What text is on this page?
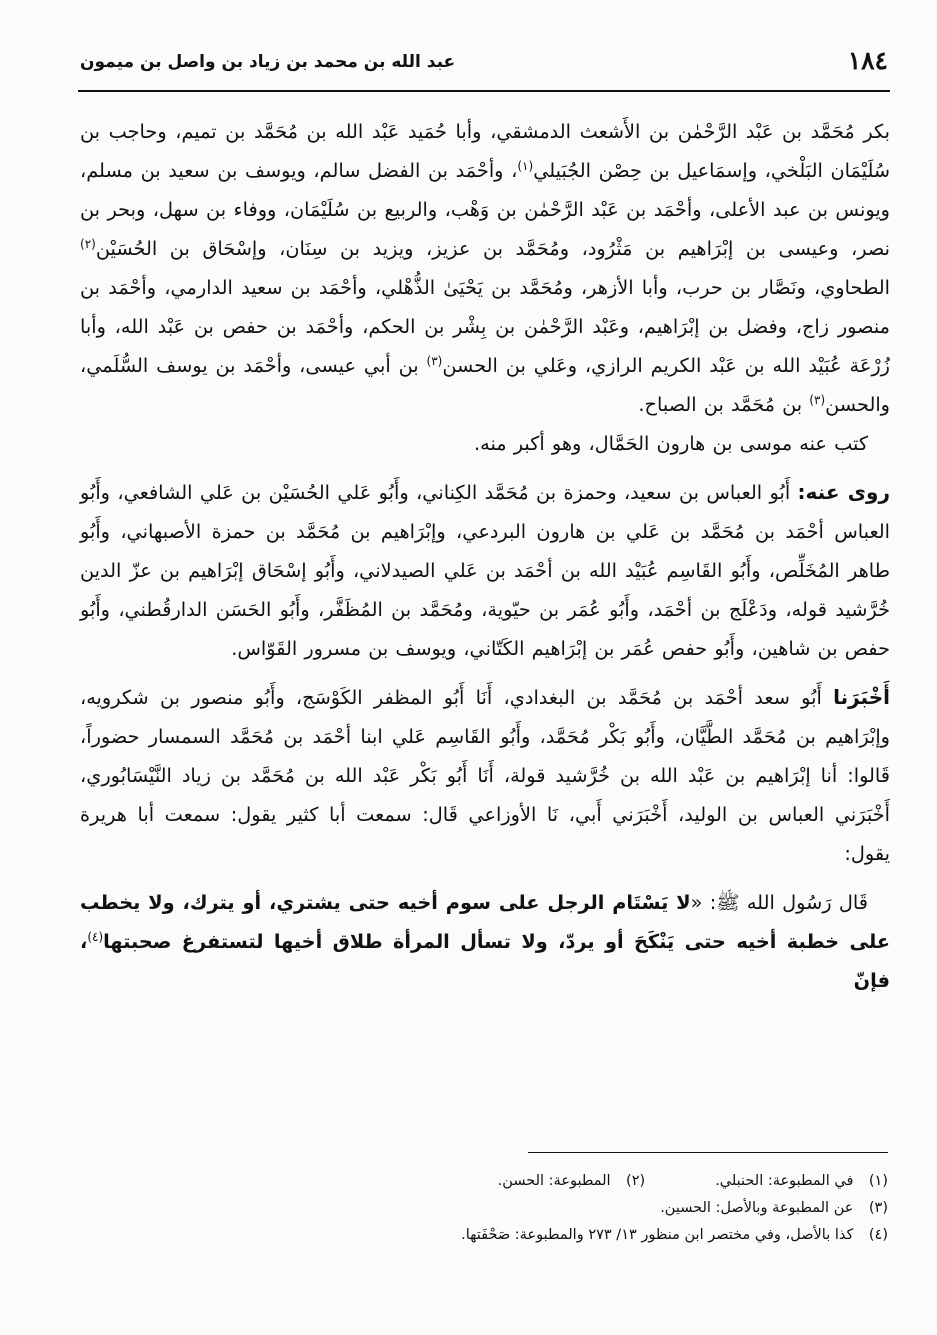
١٨٤
عبد الله بن محمد بن زياد بن واصل بن ميمون

بكر مُحَمَّد بن عَبْد الرَّحْمٰن بن الأَشعث الدمشقي، وأبا حُمَيد عَبْد الله بن مُحَمَّد بن تميم، وحاجب بن سُلَيْمَان البَلْخي، وإسمَاعيل بن حِصْن الجُبَيلي$^{(١)}$، وأحْمَد بن الفضل سالم، ويوسف بن سعيد بن مسلم، ويونس بن عبد الأعلى، وأحْمَد بن عَبْد الرَّحْمٰن بن وَهْب، والربيع بن سُلَيْمَان، ووفاء بن سهل، وبحر بن نصر، وعيسى بن إبْرَاهيم بن مَثْرُود، ومُحَمَّد بن عزيز، ويزيد بن سِنَان، وإسْحَاق بن الحُسَيْن$^{(٢)}$ الطحاوي، ونَصَّار بن حرب، وأبا الأزهر، ومُحَمَّد بن يَحْيَىٰ الذُّهْلي، وأحْمَد بن سعيد الدارمي، وأحْمَد بن منصور زاج، وفضل بن إبْرَاهيم، وعَبْد الرَّحْمٰن بن بِشْر بن الحكم، وأحْمَد بن حفص بن عَبْد الله، وأبا زُرْعَة عُبَيْد الله بن عَبْد الكريم الرازي، وعَلي بن الحسن$^{(٣)}$ بن أبي عيسى، وأحْمَد بن يوسف السُّلَمي، والحسن$^{(٣)}$ بن مُحَمَّد بن الصباح.

كتب عنه موسى بن هارون الحَمَّال، وهو أكبر منه.

روى عنه: أَبُو العباس بن سعيد، وحمزة بن مُحَمَّد الكِناني، وأَبُو عَلي الحُسَيْن بن عَلي الشافعي، وأَبُو العباس أحْمَد بن مُحَمَّد بن عَلي بن هارون البردعي، وإبْرَاهيم بن مُحَمَّد بن حمزة الأصبهاني، وأَبُو طاهر المُخَلِّص، وأَبُو القَاسِم عُبَيْد الله بن أحْمَد بن عَلي الصيدلاني، وأَبُو إسْحَاق إبْرَاهيم بن عزّ الدين خُرَّشيد قوله، ودَعْلَج بن أحْمَد، وأَبُو عُمَر بن حيّوية، ومُحَمَّد بن المُظَفَّر، وأَبُو الحَسَن الدارقُطني، وأَبُو حفص بن شاهين، وأَبُو حفص عُمَر بن إبْرَاهيم الكَتّاني، ويوسف بن مسرور القَوّاس.

أَخْبَرَنا أَبُو سعد أحْمَد بن مُحَمَّد بن البغدادي، أَنَا أَبُو المظفر الكَوْسَج، وأَبُو منصور بن شكرويه، وإبْرَاهيم بن مُحَمَّد الطَّيَّان، وأَبُو بَكْر مُحَمَّد، وأَبُو القَاسِم عَلي ابنا أحْمَد بن مُحَمَّد السمسار حضوراً، قَالوا: أنا إبْرَاهيم بن عَبْد الله بن خُرَّشيد قولة، أَنَا أَبُو بَكْر عَبْد الله بن مُحَمَّد بن زياد النَّيْسَابُوري، أَخْبَرَني العباس بن الوليد، أَخْبَرَني أَبي، نَا الأوزاعي قَال: سمعت أبا كثير يقول: سمعت أبا هريرة يقول:

قَال رَسُول الله ﷺ: «لا يَسْتَام الرجل على سوم أخيه حتى يشتري، أو يترك، ولا يخطب على خطبة أخيه حتى يَنْكَحَ أو يردّ، ولا تسأل المرأة طلاق أخيها لتستفرغ صحبتها$^{(٤)}$، فإنّ

(١) في المطبوعة: الحنبلي.
(٢) المطبوعة: الحسن.
(٣) عن المطبوعة وبالأصل: الحسين.
(٤) كذا بالأصل، وفي مختصر ابن منظور ١٣/ ٢٧٣ والمطبوعة: صَحْفَتها.
